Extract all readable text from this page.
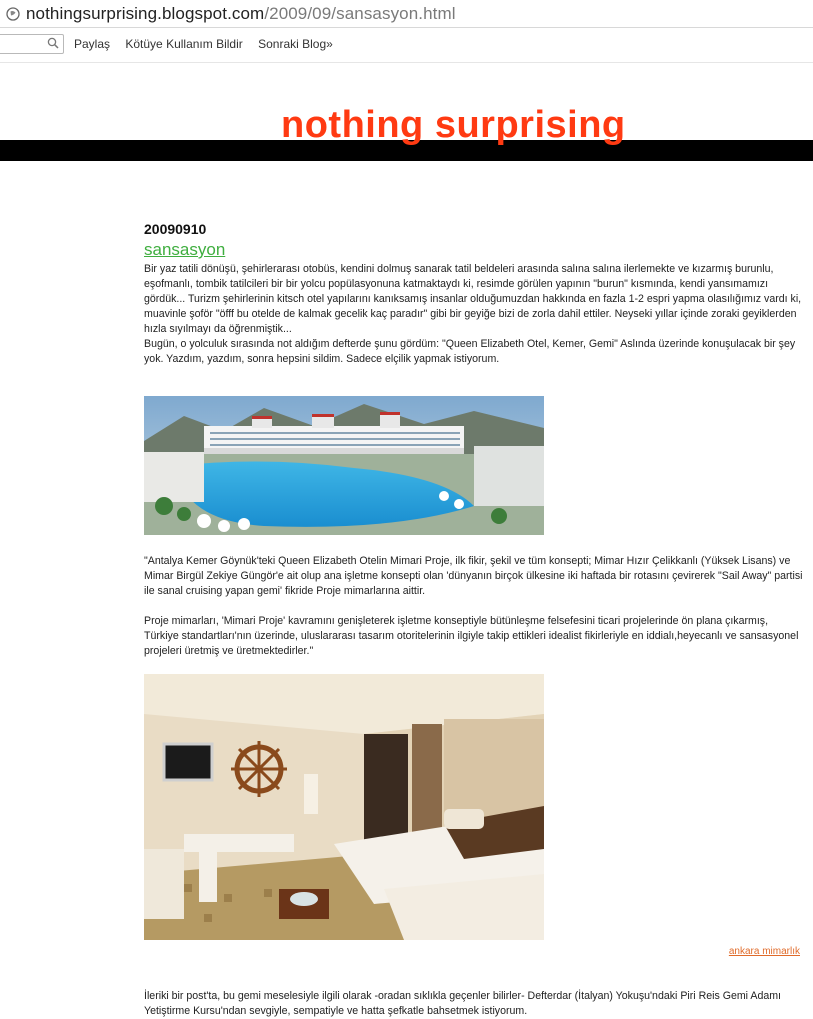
nothingsurprising.blogspot.com/2009/09/sansasyon.html
Paylaş Kötüye Kullanım Bildir Sonraki Blog»
nothing surprising
20090910
sansasyon

Bir yaz tatili dönüşü, şehirlerarası otobüs, kendini dolmuş sanarak tatil beldeleri arasında salına salına ilerlemekte ve kızarmış burunlu, eşofmanlı, tombik tatilcileri bir bir yolcu popülasyonuna katmaktaydı ki, resimde görülen yapının "burun" kısmında, kendi yansımamızı gördük... Turizm şehirlerinin kitsch otel yapılarını kanıksamış insanlar olduğumuzdan hakkında en fazla 1-2 espri yapma olasılığımız vardı ki, muavinle şoför "öfff bu otelde de kalmak gecelik kaç paradır" gibi bir geyiğe bizi de zorla dahil ettiler. Neyseki yıllar içinde zoraki geyiklerden hızla sıyılmayı da öğrenmiştik...

Bugün, o yolculuk sırasında not aldığım defterde şunu gördüm: "Queen Elizabeth Otel, Kemer, Gemi" Aslında üzerinde konuşulacak bir şey yok. Yazdım, yazdım, sonra hepsini sildim. Sadece elçilik yapmak istiyorum.

"Antalya Kemer Göynük'teki Queen Elizabeth Otelin Mimari Proje, ilk fikir, şekil ve tüm konsepti; Mimar Hızır Çelikkanlı (Yüksek Lisans) ve Mimar Birgül Zekiye Güngör'e ait olup ana işletme konsepti olan 'dünyanın birçok ülkesine iki haftada bir rotasını çevirerek "Sail Away" partisi ile sanal cruising yapan gemi' fikride Proje mimarlarına aittir.
Proje mimarları, 'Mimari Proje' kavramını genişleterek işletme konseptiyle bütünleşme felsefesini ticari projelerinde ön plana çıkarmış, Türkiye standartları'nın üzerinde, uluslararası tasarım otoritelerinin ilgiyle takip ettikleri idealist fikirleriyle en iddialı,heyecanlı ve sansasyonel projeleri üretmiş ve üretmektedirler."
ankara mimarlık
İleriki bir post'ta, bu gemi meselesiyle ilgili olarak -oradan sıklıkla geçenler bilirler- Defterdar (İtalyan) Yokuşu'ndaki Piri Reis Gemi Adamı Yetiştirme Kursu'ndan sevgiyle, sempatiyle ve hatta şefkatle bahsetmek istiyorum.
